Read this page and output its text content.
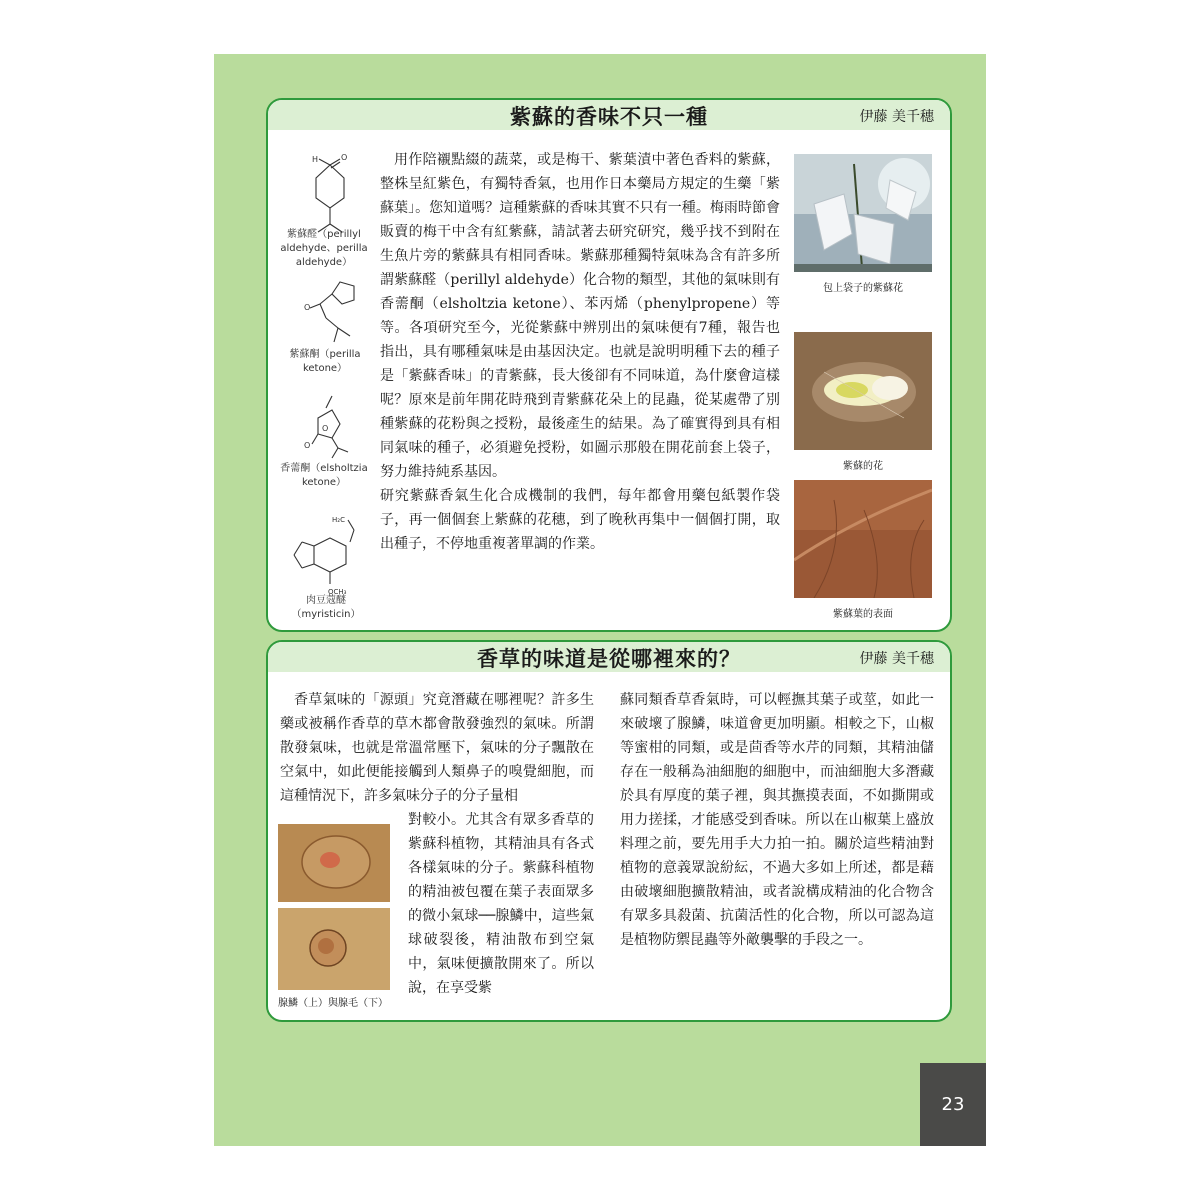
紫蘇的香味不只一種	伊藤 美千穗
H	O
O
O
O
H₂C
OCH₃
紫蘇醛（perillyl aldehyde、perilla aldehyde）
紫蘇酮（perilla ketone）
香薷酮（elsholtzia ketone）
肉豆蔻醚（myristicin）

用作陪襯點綴的蔬菜，或是梅干、紫葉漬中著色香料的紫蘇，整株呈紅紫色，有獨特香氣，也用作日本藥局方規定的生藥「紫蘇葉」。您知道嗎？這種紫蘇的香味其實不只有一種。梅雨時節會販賣的梅干中含有紅紫蘇，請試著去研究研究，幾乎找不到附在生魚片旁的紫蘇具有相同香味。紫蘇那種獨特氣味為含有許多所謂紫蘇醛（perillyl aldehyde）化合物的類型，其他的氣味則有香薷酮（elsholtzia ketone）、苯丙烯（phenylpropene）等等。各項研究至今，光從紫蘇中辨別出的氣味便有7種，報告也指出，具有哪種氣味是由基因決定。也就是說明明種下去的種子是「紫蘇香味」的青紫蘇，長大後卻有不同味道，為什麼會這樣呢？原來是前年開花時飛到青紫蘇花朵上的昆蟲，從某處帶了別種紫蘇的花粉與之授粉，最後產生的結果。為了確實得到具有相同氣味的種子，必須避免授粉，如圖示那般在開花前套上袋子，努力維持純系基因。

研究紫蘇香氣生化合成機制的我們，每年都會用藥包紙製作袋子，再一個個套上紫蘇的花穗，到了晚秋再集中一個個打開，取出種子，不停地重複著單調的作業。

包上袋子的紫蘇花
紫蘇的花
紫蘇葉的表面
香草的味道是從哪裡來的？	伊藤 美千穗

香草氣味的「源頭」究竟潛藏在哪裡呢？許多生藥或被稱作香草的草木都會散發強烈的氣味。所謂散發氣味，也就是常溫常壓下，氣味的分子飄散在空氣中，如此便能接觸到人類鼻子的嗅覺細胞，而這種情況下，許多氣味分子的分子量相

腺鱗（上）與腺毛（下）

對較小。尤其含有眾多香草的紫蘇科植物，其精油具有各式各樣氣味的分子。紫蘇科植物的精油被包覆在葉子表面眾多的微小氣球──腺鱗中，這些氣球破裂後，精油散布到空氣中，氣味便擴散開來了。所以說，在享受紫

蘇同類香草香氣時，可以輕撫其葉子或莖，如此一來破壞了腺鱗，味道會更加明顯。相較之下，山椒等蜜柑的同類，或是茴香等水芹的同類，其精油儲存在一般稱為油細胞的細胞中，而油細胞大多潛藏於具有厚度的葉子裡，與其撫摸表面，不如撕開或用力搓揉，才能感受到香味。所以在山椒葉上盛放料理之前，要先用手大力拍一拍。關於這些精油對植物的意義眾說紛紜，不過大多如上所述，都是藉由破壞細胞擴散精油，或者說構成精油的化合物含有眾多具殺菌、抗菌活性的化合物，所以可認為這是植物防禦昆蟲等外敵襲擊的手段之一。

23
